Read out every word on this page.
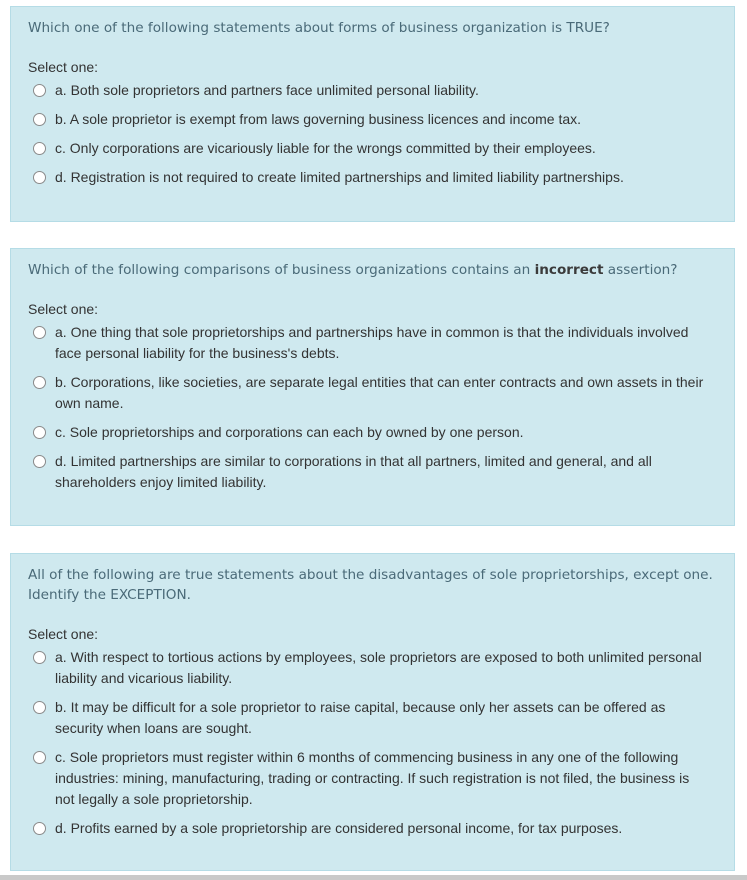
Which one of the following statements about forms of business organization is TRUE?
Select one:
a. Both sole proprietors and partners face unlimited personal liability.
b. A sole proprietor is exempt from laws governing business licences and income tax.
c. Only corporations are vicariously liable for the wrongs committed by their employees.
d. Registration is not required to create limited partnerships and limited liability partnerships.
Which of the following comparisons of business organizations contains an incorrect assertion?
Select one:
a. One thing that sole proprietorships and partnerships have in common is that the individuals involved face personal liability for the business's debts.
b. Corporations, like societies, are separate legal entities that can enter contracts and own assets in their own name.
c. Sole proprietorships and corporations can each by owned by one person.
d. Limited partnerships are similar to corporations in that all partners, limited and general, and all shareholders enjoy limited liability.
All of the following are true statements about the disadvantages of sole proprietorships, except one. Identify the EXCEPTION.
Select one:
a. With respect to tortious actions by employees, sole proprietors are exposed to both unlimited personal liability and vicarious liability.
b. It may be difficult for a sole proprietor to raise capital, because only her assets can be offered as security when loans are sought.
c. Sole proprietors must register within 6 months of commencing business in any one of the following industries: mining, manufacturing, trading or contracting. If such registration is not filed, the business is not legally a sole proprietorship.
d. Profits earned by a sole proprietorship are considered personal income, for tax purposes.
